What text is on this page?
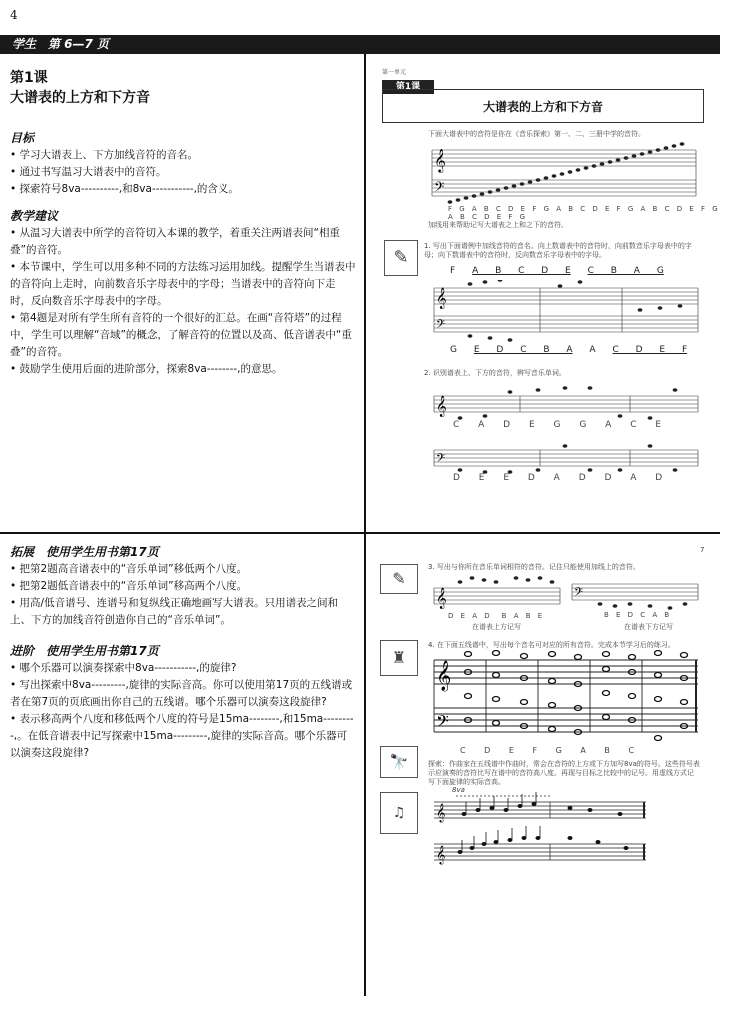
4
学生　第 6—7 页
第1课
大谱表的上方和下方音
目标
• 学习大谱表上、下方加线音符的音名。
• 通过书写温习大谱表中的音符。
• 探索符号8va----------,和8va-----------,的含义。
教学建议
• 从温习大谱表中所学的音符切入本课的教学，着重关注两谱表间“相重叠”的音符。
• 本节课中，学生可以用多种不同的方法练习运用加线。提醒学生当谱表中的音符向上走时，向前数音乐字母表中的字母；当谱表中的音符向下走时，反向数音乐字母表中的字母。
• 第4题是对所有学生所有音符的一个很好的汇总。在画“音符塔”的过程中，学生可以理解“音域”的概念，了解音符的位置以及高、低音谱表中“重叠”的音符。
• 鼓励学生使用后面的进阶部分，探索8va--------,的意思。
拓展　使用学生用书第17页
• 把第2题高音谱表中的“音乐单词”移低两个八度。
• 把第2题低音谱表中的“音乐单词”移高两个八度。
• 用高/低音谱号、连谱号和复纵线正确地画写大谱表。只用谱表之间和上、下方的加线音符创造你自己的“音乐单词”。
进阶　使用学生用书第17页
• 哪个乐器可以演奏探索中8va-----------,的旋律?
• 写出探索中8va---------,旋律的实际音高。你可以使用第17页的五线谱或者在第7页的页底画出你自己的五线谱。哪个乐器可以演奏这段旋律?
• 表示移高两个八度和移低两个八度的符号是15ma--------,和15ma---------,。在低音谱表中记写探索中15ma---------,旋律的实际音高。哪个乐器可以演奏这段旋律?
第一单元
第1课
大谱表的上方和下方音
下面大谱表中的音符是你在《音乐探索》第一、二、三册中学的音符。
𝄞
𝄢
F G A B C D E F G A B C D E F G A B C D E F G A B C D E F G
加线用来帮助记写大谱表之上和之下的音符。
✎
1. 写出下面谱例中加线音符的音名。向上数谱表中的音符时，向前数音乐字母表中的字母；向下数谱表中的音符时，反向数音乐字母表中的字母。
F A B C D E C B A G
𝄞
𝄢
G E D C B A A C D E F
2. 识别谱表上、下方的音符，辨写音乐单词。
𝄞
C A D E G G A C E
𝄢
D E E D A D D A D
7
✎
3. 写出与你所在音乐单词相符的音符。记住只能使用加线上的音符。
𝄞	𝄢
D E A D　B A B E	B E D C A B
在谱表上方记写	在谱表下方记写
♜
4. 在下面五线谱中，写出每个音名可对应的所有音符。完成本节学习后的练习。
𝄞
𝄢
C D E F G A B C
🔭	探索：作曲家在五线谱中作曲时，常会在音符的上方或下方加写8va的符号。这些符号表示应演奏的音符比写在谱中的音符高八度。再现与目标之比较中的记号。用虚线方式记写下面旋律的实际音高。
♫
8va
𝄞
𝄞
